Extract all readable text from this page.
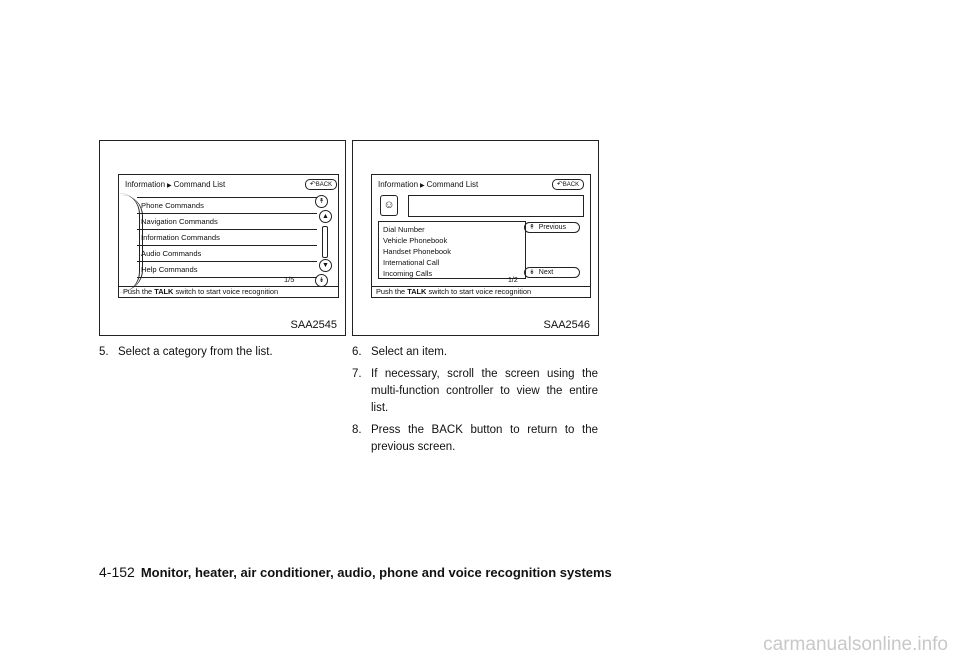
Information ▶ Command List	↶BACK
Phone Commands
Navigation Commands
Information Commands
Audio Commands
Help Commands
1/5
↟
▲
▼
↡
Push the TALK switch to start voice recognition
SAA2545
Information ▶ Command List	↶BACK
☺
Dial Number
Vehicle Phonebook
Handset Phonebook
International Call
Incoming Calls
↟ Previous
↡ Next
1/2
Push the TALK switch to start voice recognition
SAA2546

5. Select a category from the list.	6. Select an item.

7. If necessary, scroll the screen using the multi-function controller to view the entire list.

8. Press the BACK button to return to the previous screen.

4-152 Monitor, heater, air conditioner, audio, phone and voice recognition systems
carmanualsonline.info
